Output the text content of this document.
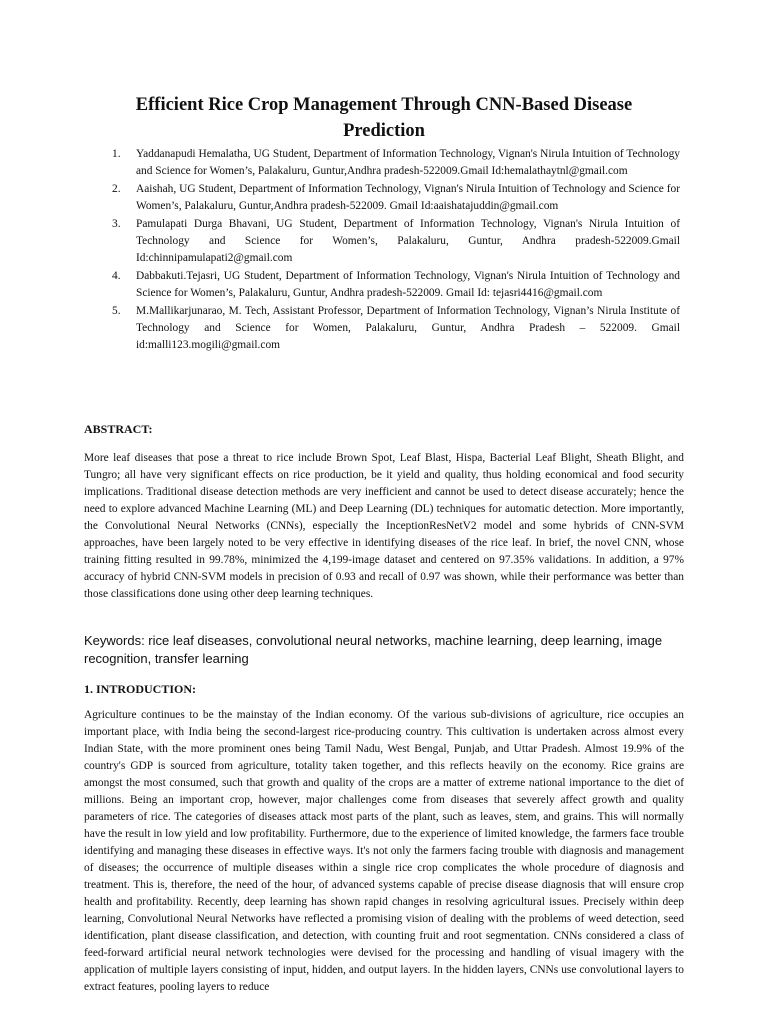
Efficient Rice Crop Management Through CNN-Based Disease
Prediction
1. Yaddanapudi Hemalatha, UG Student, Department of Information Technology, Vignan's Nirula Intuition of Technology and Science for Women’s, Palakaluru, Guntur,Andhra pradesh-522009.Gmail Id:hemalathaytnl@gmail.com
2. Aaishah, UG Student, Department of Information Technology, Vignan's Nirula Intuition of Technology and Science for Women’s, Palakaluru, Guntur,Andhra pradesh-522009. Gmail Id:aaishatajuddin@gmail.com
3. Pamulapati Durga Bhavani, UG Student, Department of Information Technology, Vignan's Nirula Intuition of Technology and Science for Women’s, Palakaluru, Guntur, Andhra pradesh-522009.Gmail Id:chinnipamulapati2@gmail.com
4. Dabbakuti.Tejasri, UG Student, Department of Information Technology, Vignan's Nirula Intuition of Technology and Science for Women’s, Palakaluru, Guntur, Andhra pradesh-522009. Gmail Id: tejasri4416@gmail.com
5. M.Mallikarjunarao, M. Tech, Assistant Professor, Department of Information Technology, Vignan’s Nirula Institute of Technology and Science for Women, Palakaluru, Guntur, Andhra Pradesh – 522009. Gmail id:malli123.mogili@gmail.com
ABSTRACT:

More leaf diseases that pose a threat to rice include Brown Spot, Leaf Blast, Hispa, Bacterial Leaf Blight, Sheath Blight, and Tungro; all have very significant effects on rice production, be it yield and quality, thus holding economical and food security implications. Traditional disease detection methods are very inefficient and cannot be used to detect disease accurately; hence the need to explore advanced Machine Learning (ML) and Deep Learning (DL) techniques for automatic detection. More importantly, the Convolutional Neural Networks (CNNs), especially the InceptionResNetV2 model and some hybrids of CNN-SVM approaches, have been largely noted to be very effective in identifying diseases of the rice leaf. In brief, the novel CNN, whose training fitting resulted in 99.78%, minimized the 4,199-image dataset and centered on 97.35% validations. In addition, a 97% accuracy of hybrid CNN-SVM models in precision of 0.93 and recall of 0.97 was shown, while their performance was better than those classifications done using other deep learning techniques.

Keywords: rice leaf diseases, convolutional neural networks, machine learning, deep learning, image recognition, transfer learning

1. INTRODUCTION:

Agriculture continues to be the mainstay of the Indian economy. Of the various sub-divisions of agriculture, rice occupies an important place, with India being the second-largest rice-producing country. This cultivation is undertaken across almost every Indian State, with the more prominent ones being Tamil Nadu, West Bengal, Punjab, and Uttar Pradesh. Almost 19.9% of the country's GDP is sourced from agriculture, totality taken together, and this reflects heavily on the economy. Rice grains are amongst the most consumed, such that growth and quality of the crops are a matter of extreme national importance to the diet of millions. Being an important crop, however, major challenges come from diseases that severely affect growth and quality parameters of rice. The categories of diseases attack most parts of the plant, such as leaves, stem, and grains. This will normally have the result in low yield and low profitability. Furthermore, due to the experience of limited knowledge, the farmers face trouble identifying and managing these diseases in effective ways. It's not only the farmers facing trouble with diagnosis and management of diseases; the occurrence of multiple diseases within a single rice crop complicates the whole procedure of diagnosis and treatment. This is, therefore, the need of the hour, of advanced systems capable of precise disease diagnosis that will ensure crop health and profitability. Recently, deep learning has shown rapid changes in resolving agricultural issues. Precisely within deep learning, Convolutional Neural Networks have reflected a promising vision of dealing with the problems of weed detection, seed identification, plant disease classification, and detection, with counting fruit and root segmentation. CNNs considered a class of feed-forward artificial neural network technologies were devised for the processing and handling of visual imagery with the application of multiple layers consisting of input, hidden, and output layers. In the hidden layers, CNNs use convolutional layers to extract features, pooling layers to reduce
